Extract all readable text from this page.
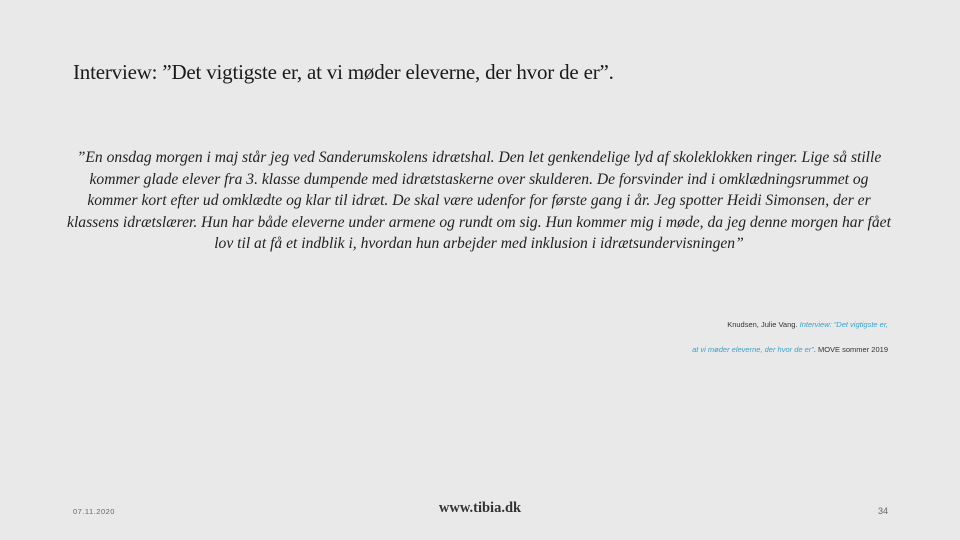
Interview: ”Det vigtigste er, at vi møder eleverne, der hvor de er”.
”En onsdag morgen i maj står jeg ved Sanderumskolens idrætshal. Den let genkendelige lyd af skoleklokken ringer. Lige så stille kommer glade elever fra 3. klasse dumpende med idrætstaskerne over skulderen. De forsvinder ind i omklædningsrummet og kommer kort efter ud omklædte og klar til idræt. De skal være udenfor for første gang i år. Jeg spotter Heidi Simonsen, der er klassens idrætslærer. Hun har både eleverne under armene og rundt om sig. Hun kommer mig i møde, da jeg denne morgen har fået lov til at få et indblik i, hvordan hun arbejder med inklusion i idrætsundervisningen”
Knudsen, Julie Vang. Interview: ”Det vigtigste er,
at vi møder eleverne, der hvor de er”. MOVE sommer 2019
07.11.2020	www.tibia.dk	34
